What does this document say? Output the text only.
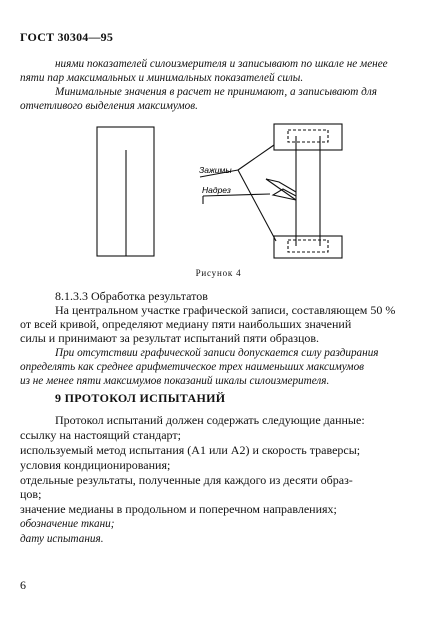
ГОСТ 30304—95
ниями показателей силоизмерителя и записывают по шкале не менее
пяти пар максимальных и минимальных показателей силы.
Минимальные значения в расчет не принимают, а записывают для
отчетливого выделения максимумов.
Зажимы
Надрез
Рисунок 4
8.1.3.3 Обработка результатов
На центральном участке графической записи, составляющем 50 %
от всей кривой, определяют медиану пяти наибольших значений
силы и принимают за результат испытаний пяти образцов.
При отсутствии графической записи допускается силу раздирания
определять как среднее арифметическое трех наименьших максимумов
из не менее пяти максимумов показаний шкалы силоизмерителя.
9 ПРОТОКОЛ ИСПЫТАНИЙ
Протокол испытаний должен содержать следующие данные:
ссылку на настоящий стандарт;
используемый метод испытания (A1 или A2) и скорость траверсы;
условия кондиционирования;
отдельные результаты, полученные для каждого из десяти образ-
цов;
значение медианы в продольном и поперечном направлениях;
обозначение ткани;
дату испытания.
6
